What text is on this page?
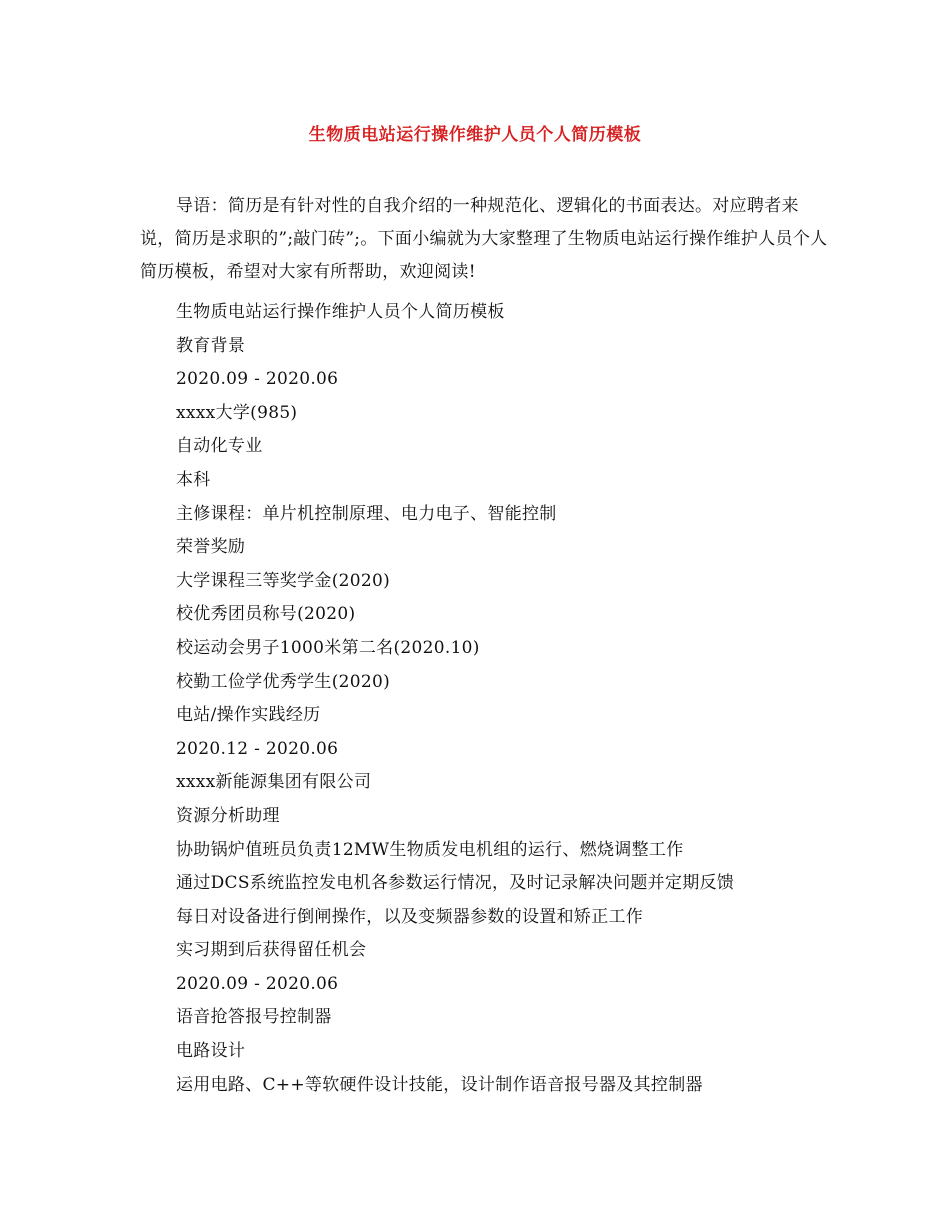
生物质电站运行操作维护人员个人简历模板
导语：简历是有针对性的自我介绍的一种规范化、逻辑化的书面表达。对应聘者来说，简历是求职的”;敲门砖”;。下面小编就为大家整理了生物质电站运行操作维护人员个人简历模板，希望对大家有所帮助，欢迎阅读!
生物质电站运行操作维护人员个人简历模板
教育背景
2020.09 - 2020.06
xxxx大学(985)
自动化专业
本科
主修课程：单片机控制原理、电力电子、智能控制
荣誉奖励
大学课程三等奖学金(2020)
校优秀团员称号(2020)
校运动会男子1000米第二名(2020.10)
校勤工俭学优秀学生(2020)
电站/操作实践经历
2020.12 - 2020.06
xxxx新能源集团有限公司
资源分析助理
协助锅炉值班员负责12MW生物质发电机组的运行、燃烧调整工作
通过DCS系统监控发电机各参数运行情况，及时记录解决问题并定期反馈
每日对设备进行倒闸操作，以及变频器参数的设置和矫正工作
实习期到后获得留任机会
2020.09 - 2020.06
语音抢答报号控制器
电路设计
运用电路、C++等软硬件设计技能，设计制作语音报号器及其控制器
